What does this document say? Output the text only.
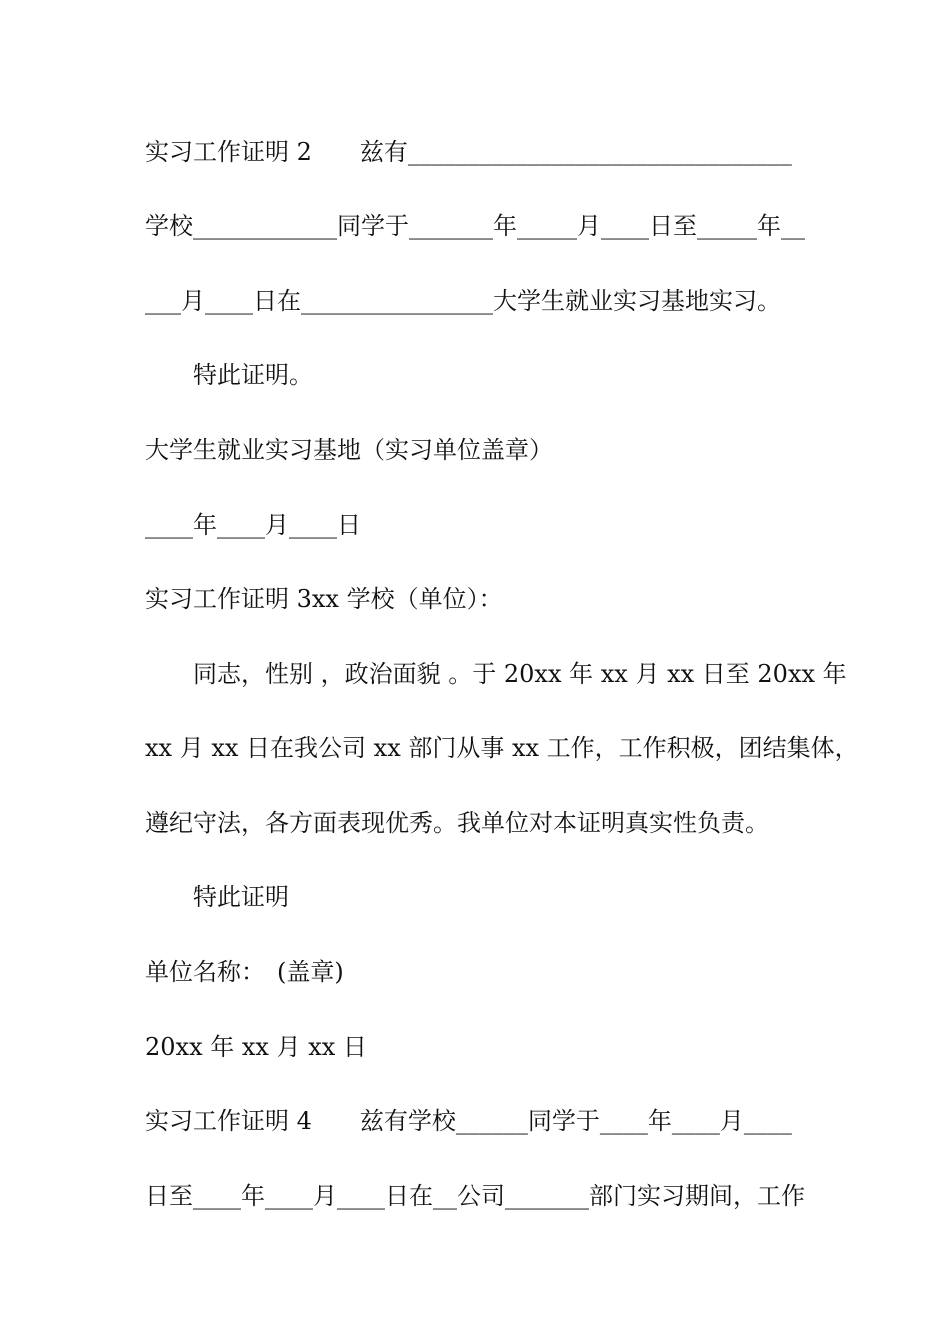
实习工作证明 2　　兹有________________________________
学校____________同学于_______年_____月____日至_____年__
___月____日在________________大学生就业实习基地实习。
特此证明。
大学生就业实习基地（实习单位盖章）
____年____月____日
实习工作证明 3xx 学校（单位）：
同志，性别 ，政治面貌 。于 20xx 年 xx 月 xx 日至 20xx 年
xx 月 xx 日在我公司 xx 部门从事 xx 工作，工作积极，团结集体，
遵纪守法，各方面表现优秀。我单位对本证明真实性负责。
特此证明
单位名称：　(盖章)
20xx 年 xx 月 xx 日
实习工作证明 4　　兹有学校______同学于____年____月____
日至____年____月____日在__公司_______部门实习期间，工作
